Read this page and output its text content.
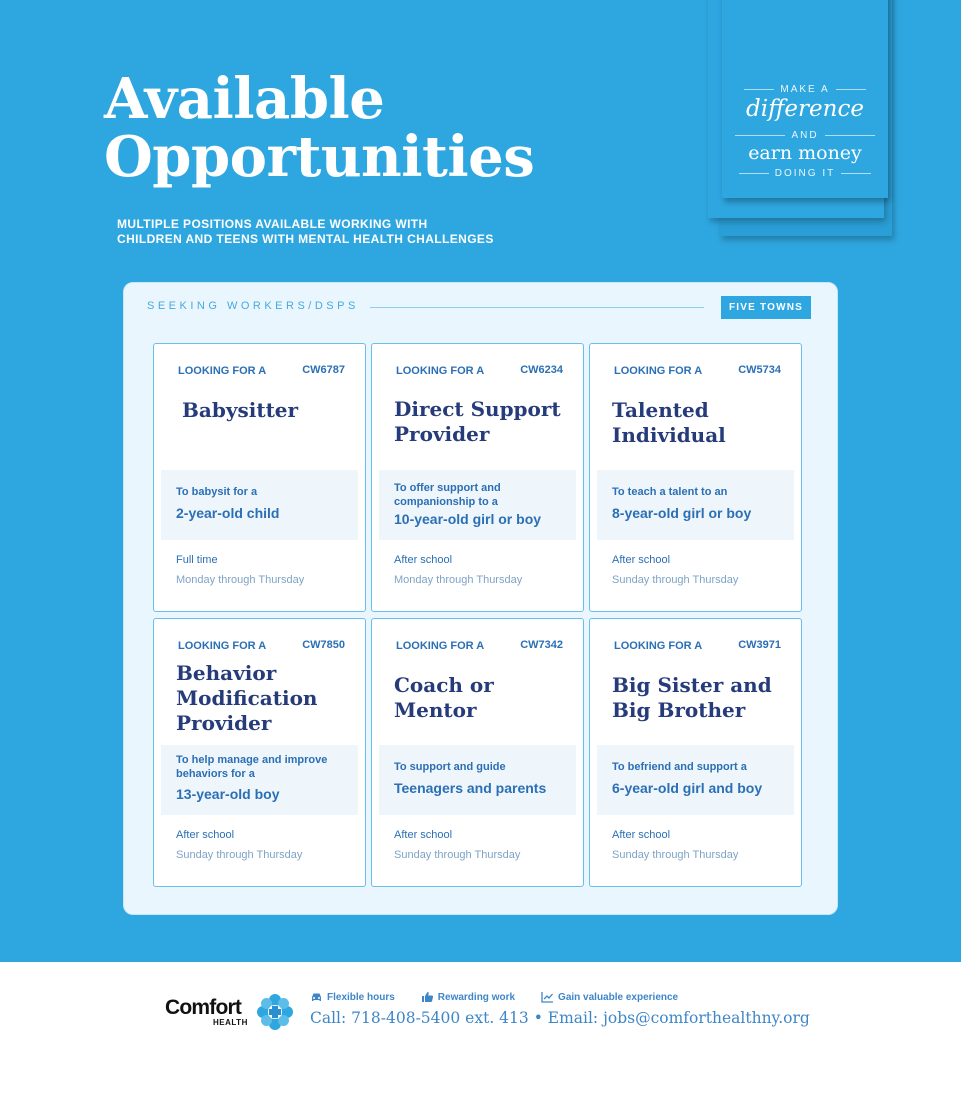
MAKE A
difference
AND
earn money
DOING IT
Available
Opportunities
MULTIPLE POSITIONS AVAILABLE WORKING WITH
CHILDREN AND TEENS WITH MENTAL HEALTH CHALLENGES
SEEKING WORKERS/DSPS	FIVE TOWNS
LOOKING FOR A	CW6787
Babysitter
To babysit for a
2-year-old child
Full time
Monday through Thursday
LOOKING FOR A	CW6234
Direct Support Provider
To offer support and companionship to a
10-year-old girl or boy
After school
Monday through Thursday
LOOKING FOR A	CW5734
Talented Individual
To teach a talent to an
8-year-old girl or boy
After school
Sunday through Thursday
LOOKING FOR A	CW7850
Behavior Modification Provider
To help manage and improve behaviors for a
13-year-old boy
After school
Sunday through Thursday
LOOKING FOR A	CW7342
Coach or Mentor
To support and guide
Teenagers and parents
After school
Sunday through Thursday
LOOKING FOR A	CW3971
Big Sister and Big Brother
To befriend and support a
6-year-old girl and boy
After school
Sunday through Thursday
Comfort
HEALTH
Flexible hours	Rewarding work	Gain valuable experience
Call: 718-408-5400 ext. 413 • Email: jobs@comforthealthny.org
